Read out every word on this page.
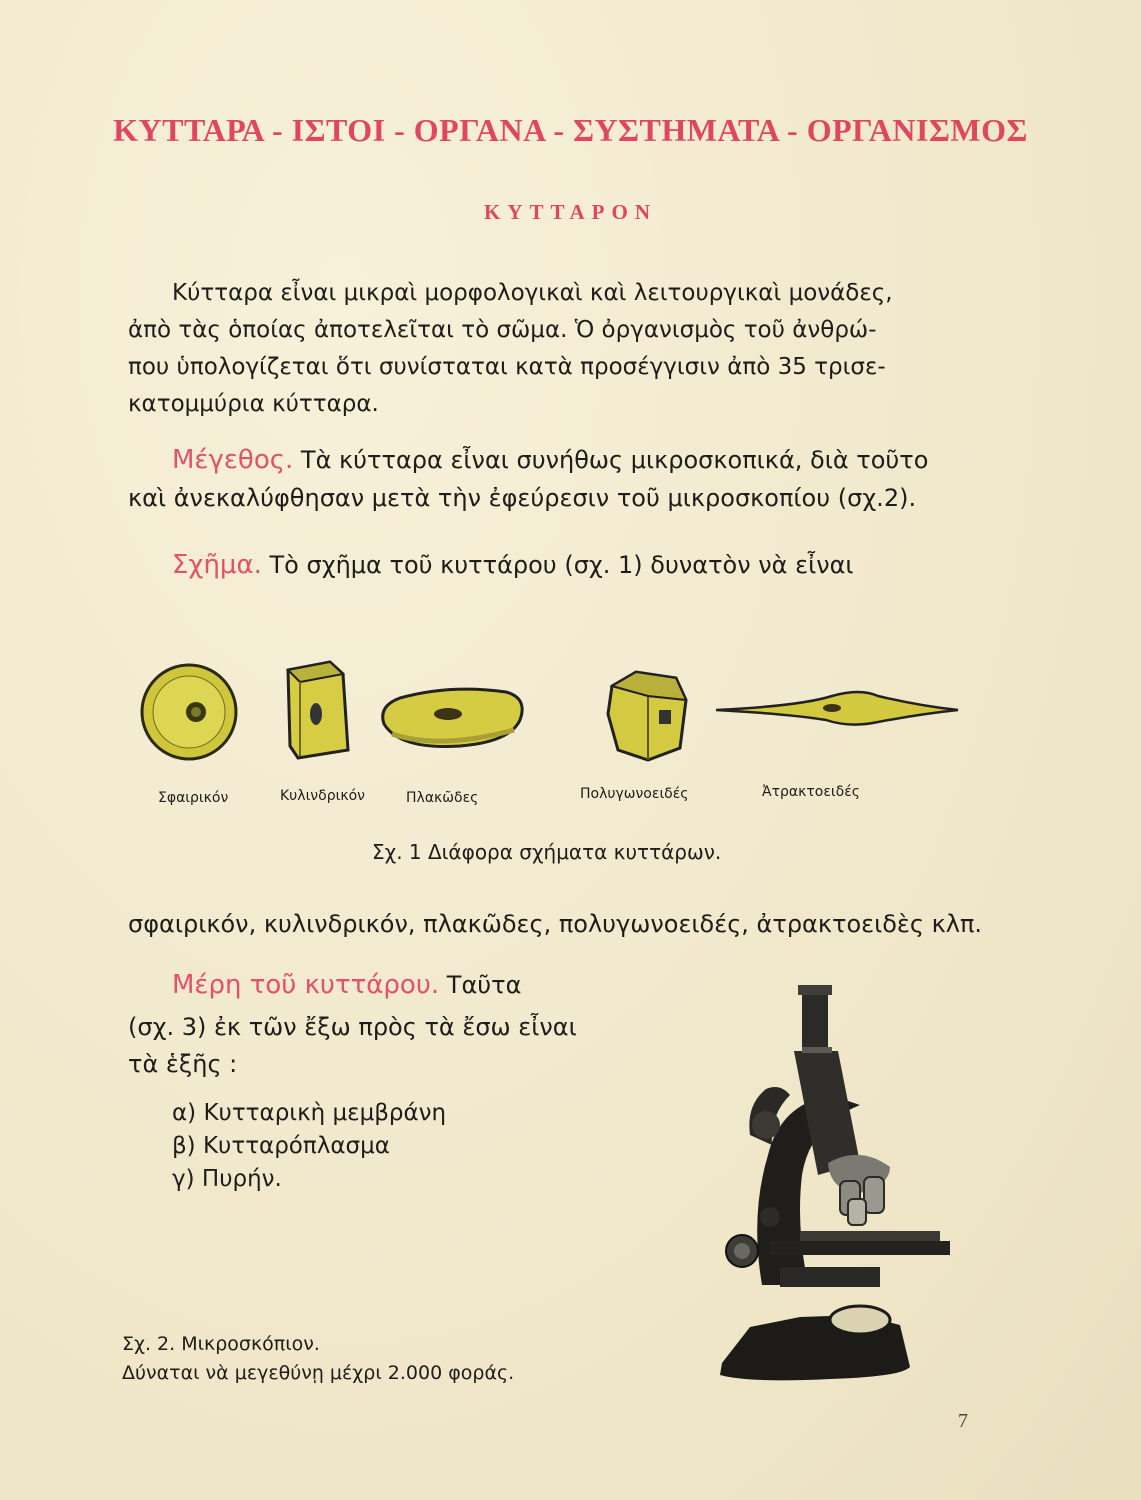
ΚΥΤΤΑΡΑ - ΙΣΤΟΙ - ΟΡΓΑΝΑ - ΣΥΣΤΗΜΑΤΑ - ΟΡΓΑΝΙΣΜΟΣ
ΚΥΤΤΑΡΟΝ
Κύτταρα εἶναι μικραὶ μορφολογικαὶ καὶ λειτουργικαὶ μονάδες,
ἀπὸ τὰς ὁποίας ἀποτελεῖται τὸ σῶμα. Ὁ ὀργανισμὸς τοῦ ἀνθρώ-
που ὑπολογίζεται ὅτι συνίσταται κατὰ προσέγγισιν ἀπὸ 35 τρισε-
κατομμύρια κύτταρα.
Μέγεθος. Τὰ κύτταρα εἶναι συνήθως μικροσκοπικά, διὰ τοῦτο
καὶ ἀνεκαλύφθησαν μετὰ τὴν ἐφεύρεσιν τοῦ μικροσκοπίου (σχ.2).
Σχῆμα. Τὸ σχῆμα τοῦ κυττάρου (σχ. 1) δυνατὸν νὰ εἶναι
Σφαιρικόν	Κυλινδρικόν	Πλακῶδες	Πολυγωνοειδές	Ἀτρακτοειδές
Σχ. 1 Διάφορα σχήματα κυττάρων.
σφαιρικόν, κυλινδρικόν, πλακῶδες, πολυγωνοειδές, ἀτρακτοειδὲς κλπ.
Μέρη τοῦ κυττάρου. Ταῦτα
(σχ. 3) ἐκ τῶν ἔξω πρὸς τὰ ἔσω εἶναι
τὰ ἑξῆς :
α) Κυτταρικὴ μεμβράνη
β) Κυτταρόπλασμα
γ) Πυρήν.
Σχ. 2. Μικροσκόπιον.
Δύναται νὰ μεγεθύνῃ μέχρι 2.000 φοράς.
7
